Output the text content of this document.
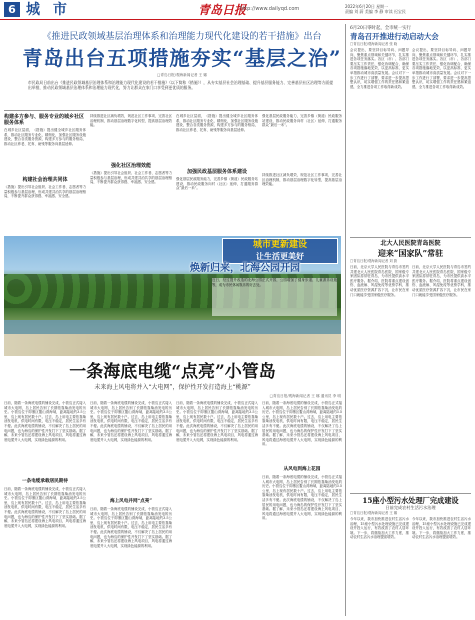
6 城 市	青岛日报
http://www.dailyqd.com	2022年6月20日 星期一
责编 刘 蔚 美编 李 静 审读 迟宝民
《推进民政领域基层治理体系和治理能力现代化建设的若干措施》出台
青岛出台五项措施夯实“基层之治”
□青岛日报/观海新闻记者 王 娜
市民政局日前出台《推进民政领域基层治理体系和治理能力现代化建设的若干措施》（以下简称《措施》），从夯实基层社会治理基础、提升基层服务能力、完善基层社区治理等方面提出举措，推动民政领域基层治理体系和治理能力现代化，努力让群众在家门口享受到更优质的服务。
构建多方参与、服务专业的城乡社区服务体系
在城乡社区层面，《措施》提出健全城乡社区服务体系，推动社区服务专业化、精细化，加强社区服务设施建设，整合各类服务资源，构建多方参与的服务格局，推动社区养老、托育、助残等服务向基层延伸。
构建社会治理共同体
《措施》提出引导社会组织、社会工作者、志愿者等力量积极参与基层治理，形成共建共治共享的基层治理格局，不断提升群众获得感、幸福感、安全感。
持续推进社区减负增效，规范社区工作事项，完善社区治理机制，推动基层治理数字化转型，提高基层治理效能。
强化社区治理效能
《措施》提出引导社会组织、社会工作者、志愿者等力量积极参与基层治理，形成共建共治共享的基层治理格局，不断提升群众获得感、幸福感、安全感。
在城乡社区层面，《措施》提出健全城乡社区服务体系，推动社区服务专业化、精细化，加强社区服务设施建设，整合各类服务资源，构建多方参与的服务格局，推动社区养老、托育、助残等服务向基层延伸。
加强民政基层服务体系建设
强化基层民政服务能力，完善乡镇（街道）民政服务站建设，推动民政服务向村（社区）延伸，打通服务群众“最后一米”。
强化基层民政服务能力，完善乡镇（街道）民政服务站建设，推动民政服务向村（社区）延伸，打通服务群众“最后一米”。
持续推进社区减负增效，规范社区工作事项，完善社区治理机制，推动基层治理数字化转型，提高基层治理效能。
城市更新建设
让生活更美好
焕新归来，北海公园开园
近日，经过提升改造的北海公园正式开园，公园增加了健身步道、儿童游乐设施等，成为市民休闲娱乐的好去处。
一条海底电缆“点亮”小管岛
未来海上风电将并入“大电网”，保护性开发打造海上“桃源”
□青岛日报/观海新闻记者 王 娜 通讯员 李 明
日前，随着一条海底电缆的铺设完成，小管岛正式接入城市大电网，岛上居民告别了长期依靠柴油发电的历史。小管岛位于即墨区鳌山湾海域，距离陆地约3.5公里，岛上现有居民数十户。过去，岛上用电主要依靠柴油发电机，供电时间有限，电压不稳定，居民生活多有不便。此次海底电缆的铺设，不仅解决了岛上居民的用电问题，也为海岛的保护性开发打下了坚实基础。据了解，未来小管岛还将建设海上风电项目，风电将通过海底电缆并入大电网，实现绿色能源的利用。
一条电缆承载居民期待
日前，随着一条海底电缆的铺设完成，小管岛正式接入城市大电网，岛上居民告别了长期依靠柴油发电的历史。小管岛位于即墨区鳌山湾海域，距离陆地约3.5公里，岛上现有居民数十户。过去，岛上用电主要依靠柴油发电机，供电时间有限，电压不稳定，居民生活多有不便。此次海底电缆的铺设，不仅解决了岛上居民的用电问题，也为海岛的保护性开发打下了坚实基础。据了解，未来小管岛还将建设海上风电项目，风电将通过海底电缆并入大电网，实现绿色能源的利用。
日前，随着一条海底电缆的铺设完成，小管岛正式接入城市大电网，岛上居民告别了长期依靠柴油发电的历史。小管岛位于即墨区鳌山湾海域，距离陆地约3.5公里，岛上现有居民数十户。过去，岛上用电主要依靠柴油发电机，供电时间有限，电压不稳定，居民生活多有不便。此次海底电缆的铺设，不仅解决了岛上居民的用电问题，也为海岛的保护性开发打下了坚实基础。据了解，未来小管岛还将建设海上风电项目，风电将通过海底电缆并入大电网，实现绿色能源的利用。
海上风电并网“点亮”
日前，随着一条海底电缆的铺设完成，小管岛正式接入城市大电网，岛上居民告别了长期依靠柴油发电的历史。小管岛位于即墨区鳌山湾海域，距离陆地约3.5公里，岛上现有居民数十户。过去，岛上用电主要依靠柴油发电机，供电时间有限，电压不稳定，居民生活多有不便。此次海底电缆的铺设，不仅解决了岛上居民的用电问题，也为海岛的保护性开发打下了坚实基础。据了解，未来小管岛还将建设海上风电项目，风电将通过海底电缆并入大电网，实现绿色能源的利用。
日前，随着一条海底电缆的铺设完成，小管岛正式接入城市大电网，岛上居民告别了长期依靠柴油发电的历史。小管岛位于即墨区鳌山湾海域，距离陆地约3.5公里，岛上现有居民数十户。过去，岛上用电主要依靠柴油发电机，供电时间有限，电压不稳定，居民生活多有不便。此次海底电缆的铺设，不仅解决了岛上居民的用电问题，也为海岛的保护性开发打下了坚实基础。据了解，未来小管岛还将建设海上风电项目，风电将通过海底电缆并入大电网，实现绿色能源的利用。
日前，随着一条海底电缆的铺设完成，小管岛正式接入城市大电网，岛上居民告别了长期依靠柴油发电的历史。小管岛位于即墨区鳌山湾海域，距离陆地约3.5公里，岛上现有居民数十户。过去，岛上用电主要依靠柴油发电机，供电时间有限，电压不稳定，居民生活多有不便。此次海底电缆的铺设，不仅解决了岛上居民的用电问题，也为海岛的保护性开发打下了坚实基础。据了解，未来小管岛还将建设海上风电项目，风电将通过海底电缆并入大电网，实现绿色能源的利用。
从风电到海上花园
日前，随着一条海底电缆的铺设完成，小管岛正式接入城市大电网，岛上居民告别了长期依靠柴油发电的历史。小管岛位于即墨区鳌山湾海域，距离陆地约3.5公里，岛上现有居民数十户。过去，岛上用电主要依靠柴油发电机，供电时间有限，电压不稳定，居民生活多有不便。此次海底电缆的铺设，不仅解决了岛上居民的用电问题，也为海岛的保护性开发打下了坚实基础。据了解，未来小管岛还将建设海上风电项目，风电将通过海底电缆并入大电网，实现绿色能源的利用。
6月20日零时起，全市统一实行
青岛召开推进行动启动大会
□青岛日报/观海新闻记者 张 晓
会议提出，要坚持目标导向、问题导向，聚焦重点领域和关键环节，扎实推进各项任务落实。各区（市）、各部门要压实工作责任，强化协调配合，确保各项措施落地见效，以更高标准、更实举措推动城市高质量发展。会议对下一步工作进行了部署，要求进一步提高思想认识，切实增强工作的责任感和紧迫感，全力推进各项工作取得新成效。
会议提出，要坚持目标导向、问题导向，聚焦重点领域和关键环节，扎实推进各项任务落实。各区（市）、各部门要压实工作责任，强化协调配合，确保各项措施落地见效，以更高标准、更实举措推动城市高质量发展。会议对下一步工作进行了部署，要求进一步提高思想认识，切实增强工作的责任感和紧迫感，全力推进各项工作取得新成效。
北大人民医院青岛医院
迎来“国家队”常驻
□青岛日报/观海新闻记者 刘 蔚
日前，北京大学人民医院与青岛市签约共建北大人民医院青岛医院，国家级专家团队将常驻青岛，为市民提供高水平医疗服务。据介绍，医院将重点建设创伤、血液病、风湿免疫等优势学科，推动优质医疗资源扩容下沉，让市民在家门口就能享受国家级医疗服务。
日前，北京大学人民医院与青岛市签约共建北大人民医院青岛医院，国家级专家团队将常驻青岛，为市民提供高水平医疗服务。据介绍，医院将重点建设创伤、血液病、风湿免疫等优势学科，推动优质医疗资源扩容下沉，让市民在家门口就能享受国家级医疗服务。
15座小型污水处理厂完成建设
日前完成农村生活污水治理
□青岛日报/观海新闻记者 王 娜
今年以来，我市加快推进农村生活污水治理，15座小型污水处理设施已完成建设并投入运行，有效改善了农村人居环境。下一步，将继续加大工作力度，推动农村生活污水治理提质增效。
今年以来，我市加快推进农村生活污水治理，15座小型污水处理设施已完成建设并投入运行，有效改善了农村人居环境。下一步，将继续加大工作力度，推动农村生活污水治理提质增效。
